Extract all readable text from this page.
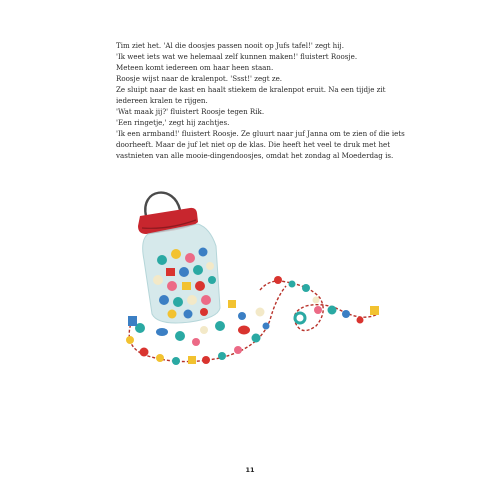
Tim ziet het. 'Al die doosjes passen nooit op Jufs tafel!' zegt hij.

'Ik weet iets wat we helemaal zelf kunnen maken!' fluistert Roosje.

Meteen komt iedereen om haar heen staan.

Roosje wijst naar de kralenpot. 'Ssst!' zegt ze.

Ze sluipt naar de kast en haalt stiekem de kralenpot eruit. Na een tijdje zit iedereen kralen te rijgen.

'Wat maak jij?' fluistert Roosje tegen Rik.

'Een ringetje,' zegt hij zachtjes.

'Ik een armband!' fluistert Roosje. Ze gluurt naar juf Janna om te zien of die iets doorheeft. Maar de juf let niet op de klas. Die heeft het veel te druk met het vastnieten van alle mooie-dingendoosjes, omdat het zondag al Moederdag is.

11
